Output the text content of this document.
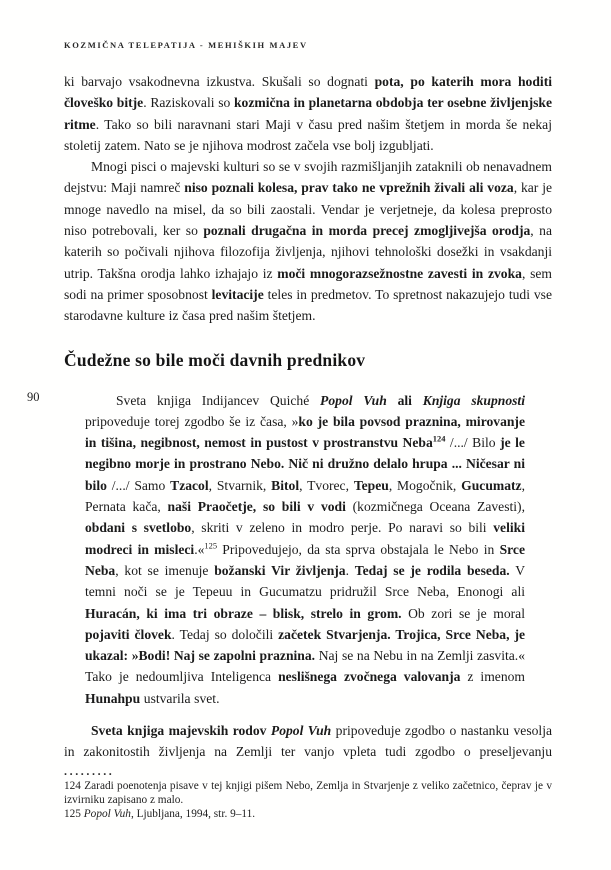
KOZMIČNA TELEPATIJA - MEHIŠKIH MAJEV
90

ki barvajo vsakodnevna izkustva. Skušali so dognati pota, po katerih mora hoditi človeško bitje. Raziskovali so kozmična in planetarna obdobja ter osebne življenjske ritme. Tako so bili naravnani stari Maji v času pred našim štetjem in morda še nekaj stoletij zatem. Nato se je njihova modrost začela vse bolj izgubljati.

Mnogi pisci o majevski kulturi so se v svojih razmišljanjih zataknili ob nenavadnem dejstvu: Maji namreč niso poznali kolesa, prav tako ne vprežnih živali ali voza, kar je mnoge navedlo na misel, da so bili zaostali. Vendar je verjetneje, da kolesa preprosto niso potrebovali, ker so poznali drugačna in morda precej zmogljivejša orodja, na katerih so počivali njihova filozofija življenja, njihovi tehnološki dosežki in vsakdanji utrip. Takšna orodja lahko izhajajo iz moči mnogorazsežnostne zavesti in zvoka, sem sodi na primer sposobnost levitacije teles in predmetov. To spretnost nakazujejo tudi vse starodavne kulture iz časa pred našim štetjem.

Čudežne so bile moči davnih prednikov

Sveta knjiga Indijancev Quiché Popol Vuh ali Knjiga skupnosti pripoveduje torej zgodbo še iz časa, »ko je bila povsod praznina, mirovanje in tišina, negibnost, nemost in pustost v prostranstvu Neba$^{124}$ /.../ Bilo je le negibno morje in prostrano Nebo. Nič ni družno delalo hrupa ... Ničesar ni bilo /.../ Samo Tzacol, Stvarnik, Bitol, Tvorec, Tepeu, Mogočnik, Gucumatz, Pernata kača, naši Praočetje, so bili v vodi (kozmičnega Oceana Zavesti), obdani s svetlobo, skriti v zeleno in modro perje. Po naravi so bili veliki modreci in misleci.«$^{125}$ Pripovedujejo, da sta sprva obstajala le Nebo in Srce Neba, kot se imenuje božanski Vir življenja. Tedaj se je rodila beseda. V temni noči se je Tepeuu in Gucumatzu pridružil Srce Neba, Enonogi ali Huracán, ki ima tri obraze – blisk, strelo in grom. Ob zori se je moral pojaviti človek. Tedaj so določili začetek Stvarjenja. Trojica, Srce Neba, je ukazal: »Bodi! Naj se zapolni praznina. Naj se na Nebu in na Zemlji zasvita.« Tako je nedoumljiva Inteligenca neslišnega zvočnega valovanja z imenom Hunahpu ustvarila svet.

Sveta knjiga majevskih rodov Popol Vuh pripoveduje zgodbo o nastanku vesolja in zakonitostih življenja na Zemlji ter vanjo vpleta tudi zgodbo o preseljevanju

.........

124 Zaradi poenotenja pisave v tej knjigi pišem Nebo, Zemlja in Stvarjenje z veliko začetnico, čeprav je v izvirniku zapisano z malo.

125 Popol Vuh, Ljubljana, 1994, str. 9–11.
